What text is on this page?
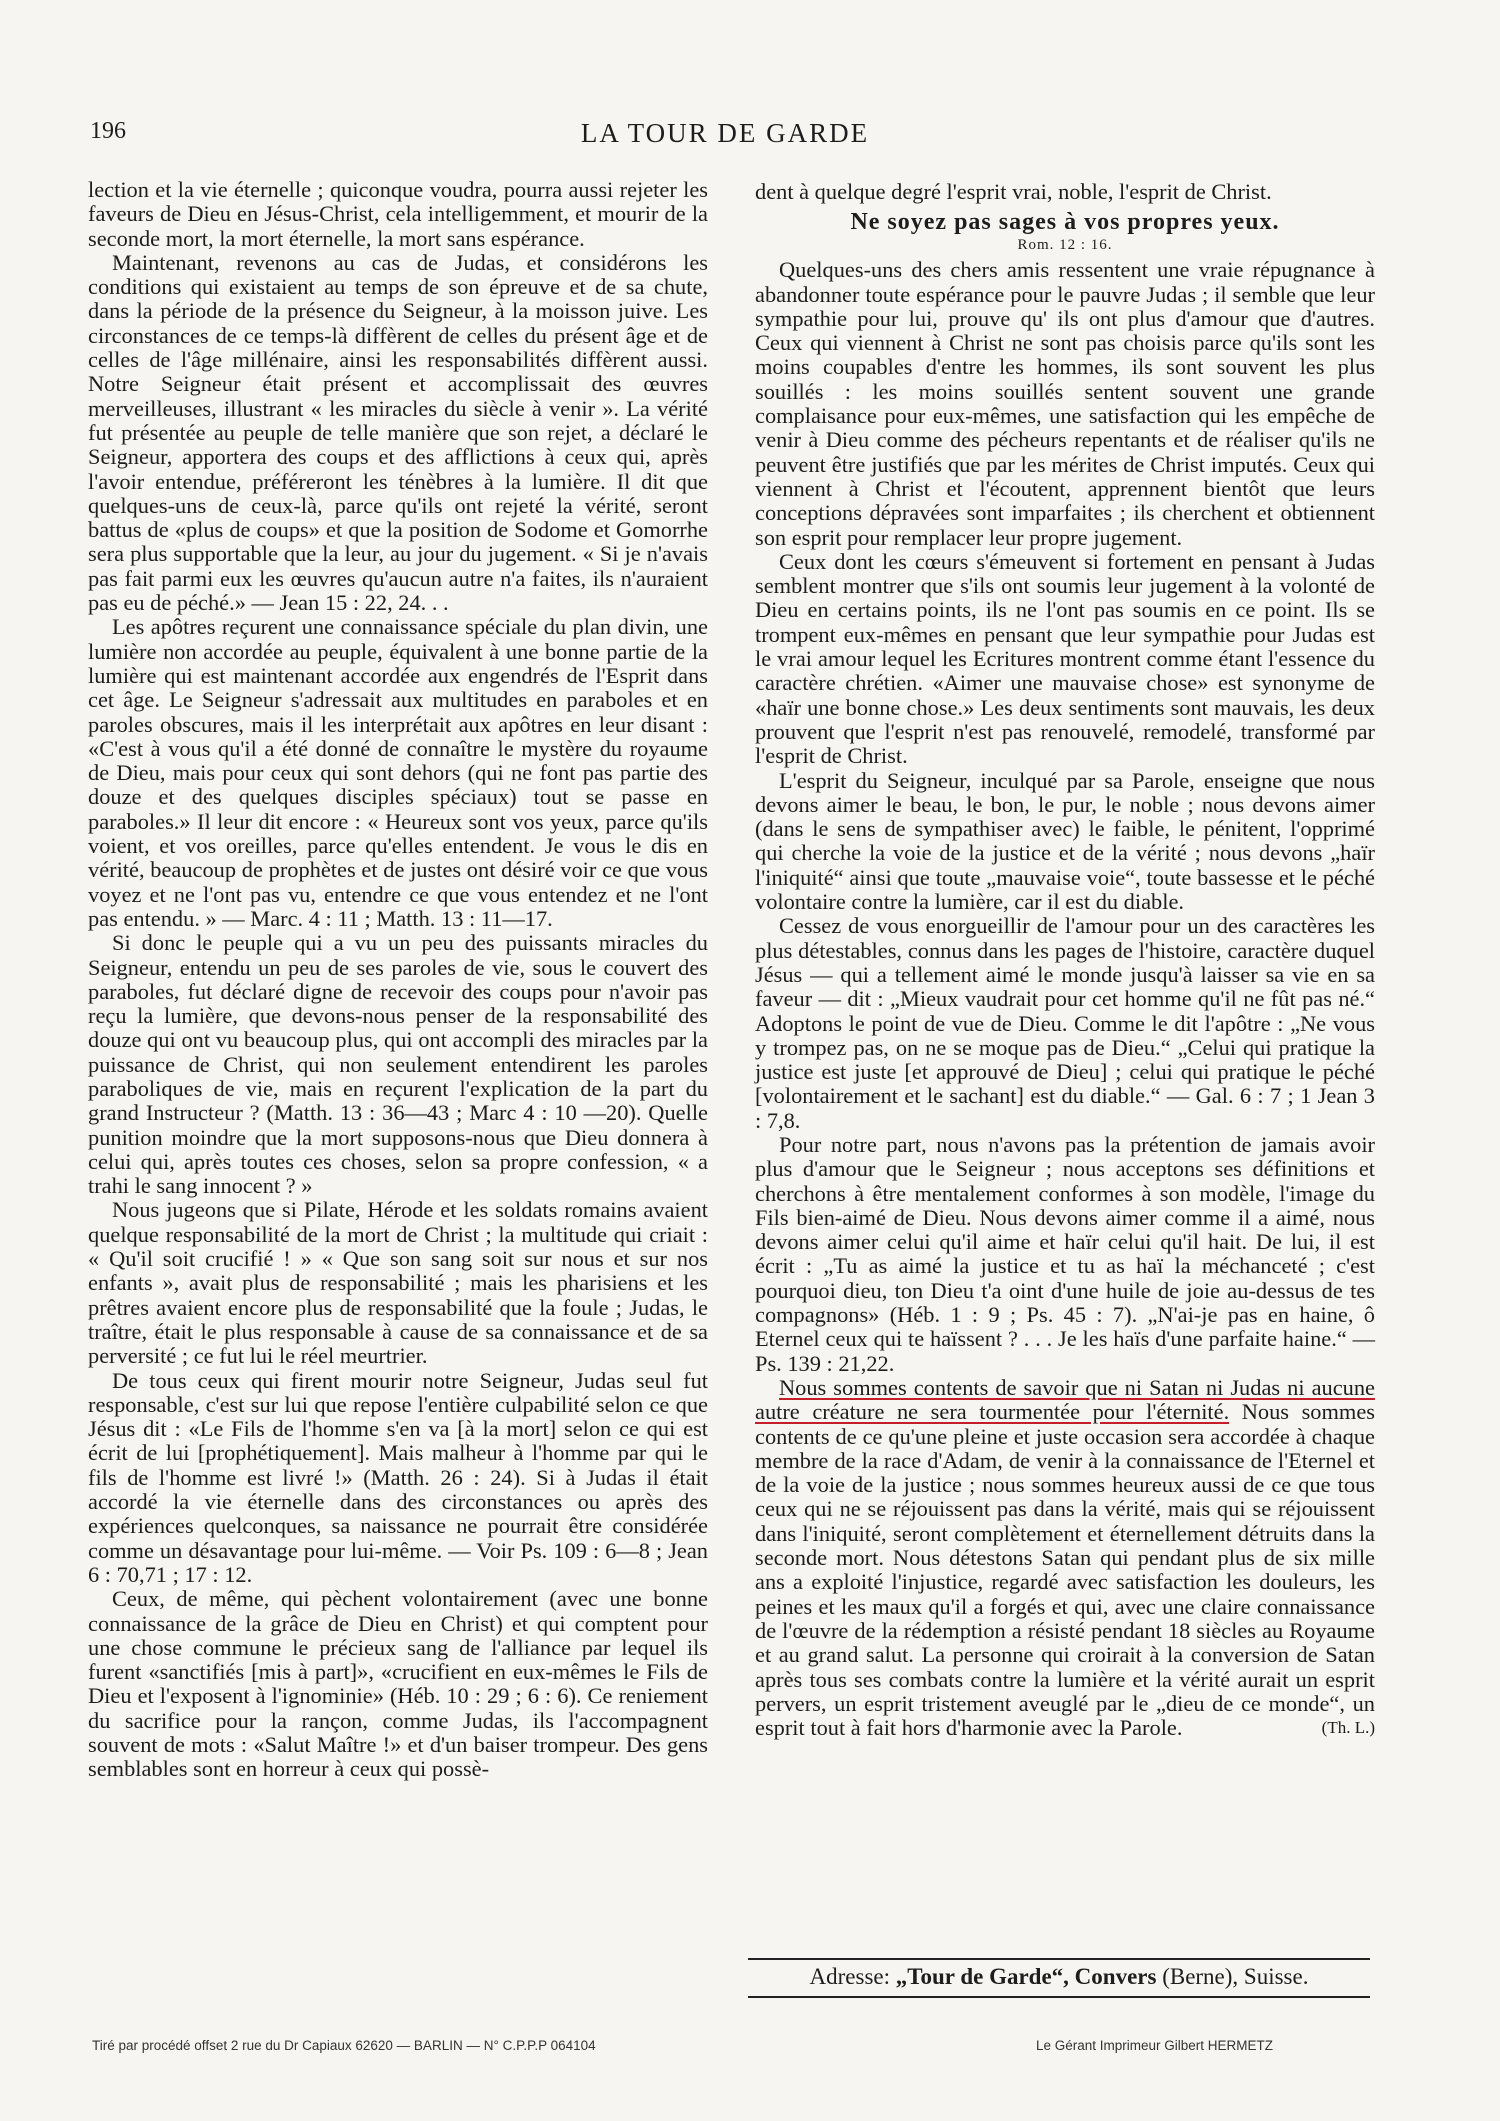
196	LA TOUR DE GARDE

lection et la vie éternelle ; quiconque voudra, pourra aussi rejeter les faveurs de Dieu en Jésus-Christ, cela intelligemment, et mourir de la seconde mort, la mort éternelle, la mort sans espérance.

Maintenant, revenons au cas de Judas, et considérons les conditions qui existaient au temps de son épreuve et de sa chute, dans la période de la présence du Seigneur, à la moisson juive. Les circonstances de ce temps-là diffèrent de celles du présent âge et de celles de l'âge millénaire, ainsi les responsabilités diffèrent aussi. Notre Seigneur était présent et accomplissait des œuvres merveilleuses, illustrant « les miracles du siècle à venir ». La vérité fut présentée au peuple de telle manière que son rejet, a déclaré le Seigneur, apportera des coups et des afflictions à ceux qui, après l'avoir entendue, préféreront les ténèbres à la lumière. Il dit que quelques-uns de ceux-là, parce qu'ils ont rejeté la vérité, seront battus de «plus de coups» et que la position de Sodome et Gomorrhe sera plus supportable que la leur, au jour du jugement. « Si je n'avais pas fait parmi eux les œuvres qu'aucun autre n'a faites, ils n'auraient pas eu de péché.» — Jean 15 : 22, 24. . .

Les apôtres reçurent une connaissance spéciale du plan divin, une lumière non accordée au peuple, équivalent à une bonne partie de la lumière qui est maintenant accordée aux engendrés de l'Esprit dans cet âge. Le Seigneur s'adressait aux multitudes en paraboles et en paroles obscures, mais il les interprétait aux apôtres en leur disant : «C'est à vous qu'il a été donné de connaître le mystère du royaume de Dieu, mais pour ceux qui sont dehors (qui ne font pas partie des douze et des quelques disciples spéciaux) tout se passe en paraboles.» Il leur dit encore : « Heureux sont vos yeux, parce qu'ils voient, et vos oreilles, parce qu'elles entendent. Je vous le dis en vérité, beaucoup de prophètes et de justes ont désiré voir ce que vous voyez et ne l'ont pas vu, entendre ce que vous entendez et ne l'ont pas entendu. » — Marc. 4 : 11 ; Matth. 13 : 11—17.

Si donc le peuple qui a vu un peu des puissants miracles du Seigneur, entendu un peu de ses paroles de vie, sous le couvert des paraboles, fut déclaré digne de recevoir des coups pour n'avoir pas reçu la lumière, que devons-nous penser de la responsabilité des douze qui ont vu beaucoup plus, qui ont accompli des miracles par la puissance de Christ, qui non seulement entendirent les paroles paraboliques de vie, mais en reçurent l'explication de la part du grand Instructeur ? (Matth. 13 : 36—43 ; Marc 4 : 10 —20). Quelle punition moindre que la mort supposons-nous que Dieu donnera à celui qui, après toutes ces choses, selon sa propre confession, « a trahi le sang innocent ? »

Nous jugeons que si Pilate, Hérode et les soldats romains avaient quelque responsabilité de la mort de Christ ; la multitude qui criait : « Qu'il soit crucifié ! » « Que son sang soit sur nous et sur nos enfants », avait plus de responsabilité ; mais les pharisiens et les prêtres avaient encore plus de responsabilité que la foule ; Judas, le traître, était le plus responsable à cause de sa connaissance et de sa perversité ; ce fut lui le réel meurtrier.

De tous ceux qui firent mourir notre Seigneur, Judas seul fut responsable, c'est sur lui que repose l'entière culpabilité selon ce que Jésus dit : «Le Fils de l'homme s'en va [à la mort] selon ce qui est écrit de lui [prophétiquement]. Mais malheur à l'homme par qui le fils de l'homme est livré !» (Matth. 26 : 24). Si à Judas il était accordé la vie éternelle dans des circonstances ou après des expériences quelconques, sa naissance ne pourrait être considérée comme un désavantage pour lui-même. — Voir Ps. 109 : 6—8 ; Jean 6 : 70,71 ; 17 : 12.

Ceux, de même, qui pèchent volontairement (avec une bonne connaissance de la grâce de Dieu en Christ) et qui comptent pour une chose commune le précieux sang de l'alliance par lequel ils furent «sanctifiés [mis à part]», «crucifient en eux-mêmes le Fils de Dieu et l'exposent à l'ignominie» (Héb. 10 : 29 ; 6 : 6). Ce reniement du sacrifice pour la rançon, comme Judas, ils l'accompagnent souvent de mots : «Salut Maître !» et d'un baiser trompeur. Des gens semblables sont en horreur à ceux qui possè-

dent à quelque degré l'esprit vrai, noble, l'esprit de Christ.

Ne soyez pas sages à vos propres yeux.
Rom. 12 : 16.

Quelques-uns des chers amis ressentent une vraie répugnance à abandonner toute espérance pour le pauvre Judas ; il semble que leur sympathie pour lui, prouve qu' ils ont plus d'amour que d'autres. Ceux qui viennent à Christ ne sont pas choisis parce qu'ils sont les moins coupables d'entre les hommes, ils sont souvent les plus souillés : les moins souillés sentent souvent une grande complaisance pour eux-mêmes, une satisfaction qui les empêche de venir à Dieu comme des pécheurs repentants et de réaliser qu'ils ne peuvent être justifiés que par les mérites de Christ imputés. Ceux qui viennent à Christ et l'écoutent, apprennent bientôt que leurs conceptions dépravées sont imparfaites ; ils cherchent et obtiennent son esprit pour remplacer leur propre jugement.

Ceux dont les cœurs s'émeuvent si fortement en pensant à Judas semblent montrer que s'ils ont soumis leur jugement à la volonté de Dieu en certains points, ils ne l'ont pas soumis en ce point. Ils se trompent eux-mêmes en pensant que leur sympathie pour Judas est le vrai amour lequel les Ecritures montrent comme étant l'essence du caractère chrétien. «Aimer une mauvaise chose» est synonyme de «haïr une bonne chose.» Les deux sentiments sont mauvais, les deux prouvent que l'esprit n'est pas renouvelé, remodelé, transformé par l'esprit de Christ.

L'esprit du Seigneur, inculqué par sa Parole, enseigne que nous devons aimer le beau, le bon, le pur, le noble ; nous devons aimer (dans le sens de sympathiser avec) le faible, le pénitent, l'opprimé qui cherche la voie de la justice et de la vérité ; nous devons „haïr l'iniquité“ ainsi que toute „mauvaise voie“, toute bassesse et le péché volontaire contre la lumière, car il est du diable.

Cessez de vous enorgueillir de l'amour pour un des caractères les plus détestables, connus dans les pages de l'histoire, caractère duquel Jésus — qui a tellement aimé le monde jusqu'à laisser sa vie en sa faveur — dit : „Mieux vaudrait pour cet homme qu'il ne fût pas né.“ Adoptons le point de vue de Dieu. Comme le dit l'apôtre : „Ne vous y trompez pas, on ne se moque pas de Dieu.“ „Celui qui pratique la justice est juste [et approuvé de Dieu] ; celui qui pratique le péché [volontairement et le sachant] est du diable.“ — Gal. 6 : 7 ; 1 Jean 3 : 7,8.

Pour notre part, nous n'avons pas la prétention de jamais avoir plus d'amour que le Seigneur ; nous acceptons ses définitions et cherchons à être mentalement conformes à son modèle, l'image du Fils bien-aimé de Dieu. Nous devons aimer comme il a aimé, nous devons aimer celui qu'il aime et haïr celui qu'il hait. De lui, il est écrit : „Tu as aimé la justice et tu as haï la méchanceté ; c'est pourquoi dieu, ton Dieu t'a oint d'une huile de joie au-dessus de tes compagnons» (Héb. 1 : 9 ; Ps. 45 : 7). „N'ai-je pas en haine, ô Eternel ceux qui te haïssent ? . . . Je les haïs d'une parfaite haine.“ — Ps. 139 : 21,22.

Nous sommes contents de savoir que ni Satan ni Judas ni aucune autre créature ne sera tourmentée pour l'éternité. Nous sommes contents de ce qu'une pleine et juste occasion sera accordée à chaque membre de la race d'Adam, de venir à la connaissance de l'Eternel et de la voie de la justice ; nous sommes heureux aussi de ce que tous ceux qui ne se réjouissent pas dans la vérité, mais qui se réjouissent dans l'iniquité, seront complètement et éternellement détruits dans la seconde mort. Nous détestons Satan qui pendant plus de six mille ans a exploité l'injustice, regardé avec satisfaction les douleurs, les peines et les maux qu'il a forgés et qui, avec une claire connaissance de l'œuvre de la rédemption a résisté pendant 18 siècles au Royaume et au grand salut. La personne qui croirait à la conversion de Satan après tous ses combats contre la lumière et la vérité aurait un esprit pervers, un esprit tristement aveuglé par le „dieu de ce monde“, un esprit tout à fait hors d'harmonie avec la Parole.	(Th. L.)

Adresse: „Tour de Garde“, Convers (Berne), Suisse.
Tiré par procédé offset 2 rue du Dr Capiaux 62620 — BARLIN — N° C.P.P.P 064104	Le Gérant Imprimeur Gilbert HERMETZ
